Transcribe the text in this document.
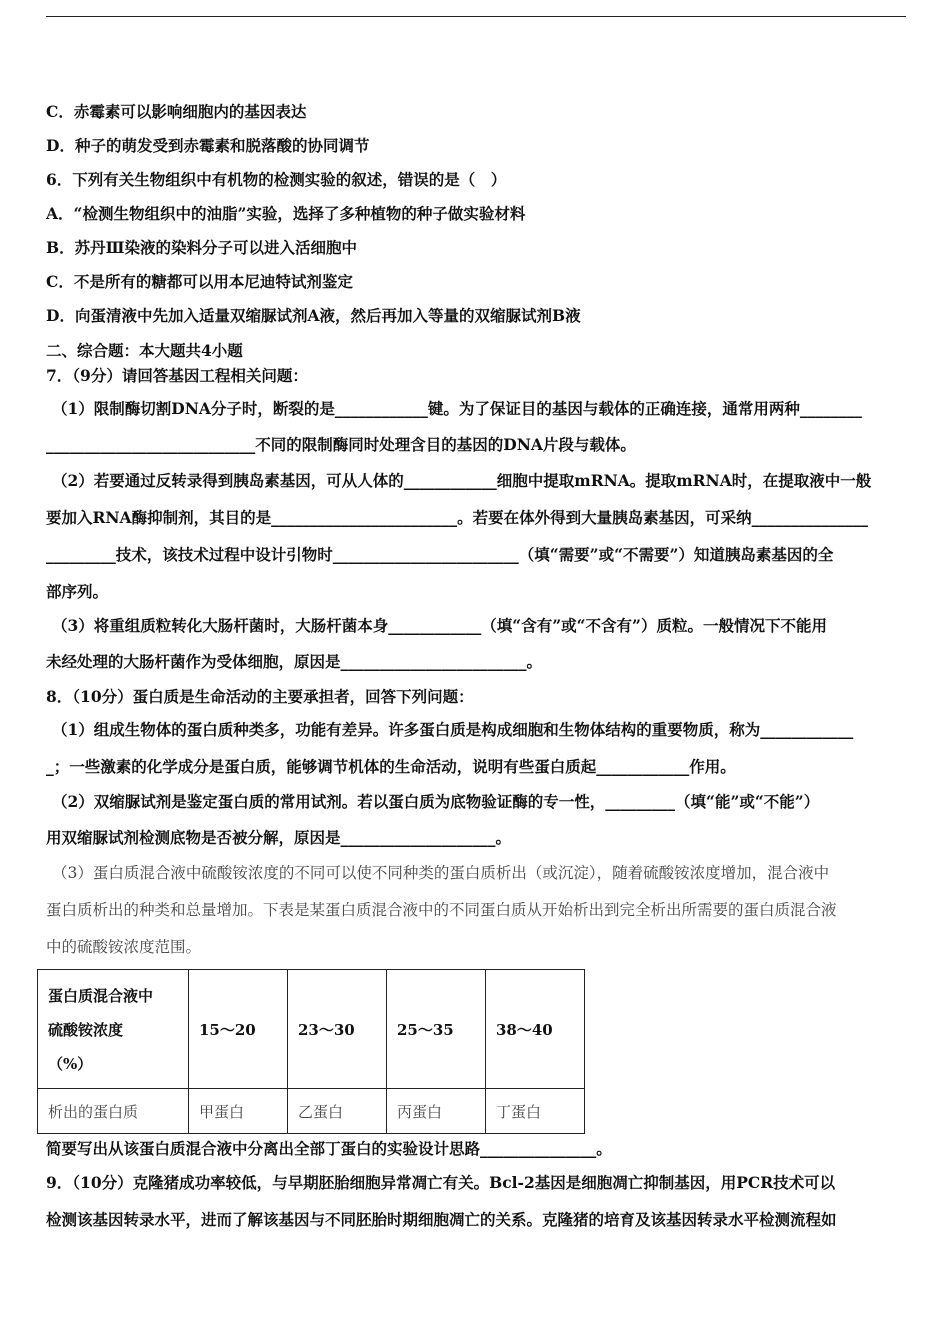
C．赤霉素可以影响细胞内的基因表达
D．种子的萌发受到赤霉素和脱落酸的协同调节
6．下列有关生物组织中有机物的检测实验的叙述，错误的是（　）
A．“检测生物组织中的油脂”实验，选择了多种植物的种子做实验材料
B．苏丹Ⅲ染液的染料分子可以进入活细胞中
C．不是所有的糖都可以用本尼迪特试剂鉴定
D．向蛋清液中先加入适量双缩脲试剂A液，然后再加入等量的双缩脲试剂B液
二、综合题：本大题共4小题
7．（9分）请回答基因工程相关问题：
（1）限制酶切割DNA分子时，断裂的是____________键。为了保证目的基因与载体的正确连接，通常用两种________
___________________________不同的限制酶同时处理含目的基因的DNA片段与载体。
（2）若要通过反转录得到胰岛素基因，可从人体的____________细胞中提取mRNA。提取mRNA时，在提取液中一般
要加入RNA酶抑制剂，其目的是________________________。若要在体外得到大量胰岛素基因，可采纳_______________
_________技术，该技术过程中设计引物时________________________（填“需要”或“不需要”）知道胰岛素基因的全
部序列。
（3）将重组质粒转化大肠杆菌时，大肠杆菌本身____________（填“含有”或“不含有”）质粒。一般情况下不能用
未经处理的大肠杆菌作为受体细胞，原因是________________________。
8．（10分）蛋白质是生命活动的主要承担者，回答下列问题：
（1）组成生物体的蛋白质种类多，功能有差异。许多蛋白质是构成细胞和生物体结构的重要物质，称为____________
_；一些激素的化学成分是蛋白质，能够调节机体的生命活动，说明有些蛋白质起____________作用。
（2）双缩脲试剂是鉴定蛋白质的常用试剂。若以蛋白质为底物验证酶的专一性，_________（填“能”或“不能”）
用双缩脲试剂检测底物是否被分解，原因是____________________。
（3）蛋白质混合液中硫酸铵浓度的不同可以使不同种类的蛋白质析出（或沉淀），随着硫酸铵浓度增加，混合液中
蛋白质析出的种类和总量增加。下表是某蛋白质混合液中的不同蛋白质从开始析出到完全析出所需要的蛋白质混合液
中的硫酸铵浓度范围。
蛋白质混合液中
硫酸铵浓度
（%）	15～20	23～30	25～35	38～40
析出的蛋白质	甲蛋白	乙蛋白	丙蛋白	丁蛋白
简要写出从该蛋白质混合液中分离出全部丁蛋白的实验设计思路_______________。
9．（10分）克隆猪成功率较低，与早期胚胎细胞异常凋亡有关。Bcl-2基因是细胞凋亡抑制基因，用PCR技术可以
检测该基因转录水平，进而了解该基因与不同胚胎时期细胞凋亡的关系。克隆猪的培育及该基因转录水平检测流程如
